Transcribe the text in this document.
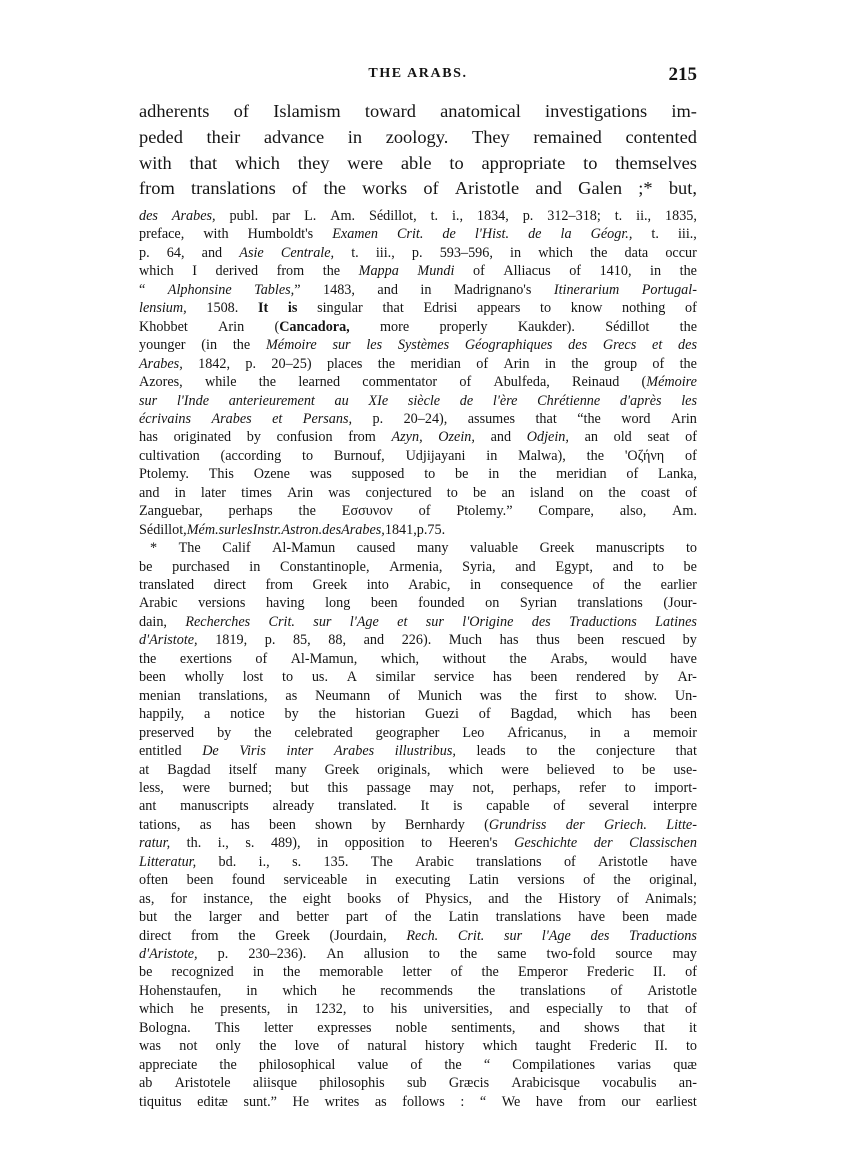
THE ARABS.	215
adherents of Islamism toward anatomical investigations im-
peded their advance in zoology. They remained contented
with that which they were able to appropriate to themselves
from translations of the works of Aristotle and Galen ;* but,
des Arabes, publ. par L. Am. Sédillot, t. i., 1834, p. 312–318; t. ii., 1835,
preface, with Humboldt's Examen Crit. de l'Hist. de la Géogr., t. iii.,
p. 64, and Asie Centrale, t. iii., p. 593–596, in which the data occur
which I derived from the Mappa Mundi of Alliacus of 1410, in the
“ Alphonsine Tables,” 1483, and in Madrignano's Itinerarium Portugal-
lensium, 1508. It is singular that Edrisi appears to know nothing of
Khobbet Arin (Cancadora, more properly Kaukder). Sédillot the
younger (in the Mémoire sur les Systèmes Géographiques des Grecs et des
Arabes, 1842, p. 20–25) places the meridian of Arin in the group of the
Azores, while the learned commentator of Abulfeda, Reinaud (Mémoire
sur l'Inde anterieurement au XIe siècle de l'ère Chrétienne d'après les
écrivains Arabes et Persans, p. 20–24), assumes that “the word Arin
has originated by confusion from Azyn, Ozein, and Odjein, an old seat of
cultivation (according to Burnouf, Udjijayani in Malwa), the 'Οζήνη of
Ptolemy. This Ozene was supposed to be in the meridian of Lanka,
and in later times Arin was conjectured to be an island on the coast of
Zanguebar, perhaps the Εσσυνον of Ptolemy.” Compare, also, Am.
Sédillot, Mém. sur les Instr. Astron. des Arabes, 1841, p. 75.
* The Calif Al-Mamun caused many valuable Greek manuscripts to
be purchased in Constantinople, Armenia, Syria, and Egypt, and to be
translated direct from Greek into Arabic, in consequence of the earlier
Arabic versions having long been founded on Syrian translations (Jour-
dain, Recherches Crit. sur l'Age et sur l'Origine des Traductions Latines
d'Aristote, 1819, p. 85, 88, and 226). Much has thus been rescued by
the exertions of Al-Mamun, which, without the Arabs, would have
been wholly lost to us. A similar service has been rendered by Ar-
menian translations, as Neumann of Munich was the first to show. Un-
happily, a notice by the historian Guezi of Bagdad, which has been
preserved by the celebrated geographer Leo Africanus, in a memoir
entitled De Viris inter Arabes illustribus, leads to the conjecture that
at Bagdad itself many Greek originals, which were believed to be use-
less, were burned; but this passage may not, perhaps, refer to import-
ant manuscripts already translated. It is capable of several interpre
tations, as has been shown by Bernhardy (Grundriss der Griech. Litte-
ratur, th. i., s. 489), in opposition to Heeren's Geschichte der Classischen
Litteratur, bd. i., s. 135. The Arabic translations of Aristotle have
often been found serviceable in executing Latin versions of the original,
as, for instance, the eight books of Physics, and the History of Animals;
but the larger and better part of the Latin translations have been made
direct from the Greek (Jourdain, Rech. Crit. sur l'Age des Traductions
d'Aristote, p. 230–236). An allusion to the same two-fold source may
be recognized in the memorable letter of the Emperor Frederic II. of
Hohenstaufen, in which he recommends the translations of Aristotle
which he presents, in 1232, to his universities, and especially to that of
Bologna. This letter expresses noble sentiments, and shows that it
was not only the love of natural history which taught Frederic II. to
appreciate the philosophical value of the “ Compilationes varias quæ
ab Aristotele aliisque philosophis sub Græcis Arabicisque vocabulis an-
tiquitus editæ sunt.” He writes as follows : “ We have from our earliest
